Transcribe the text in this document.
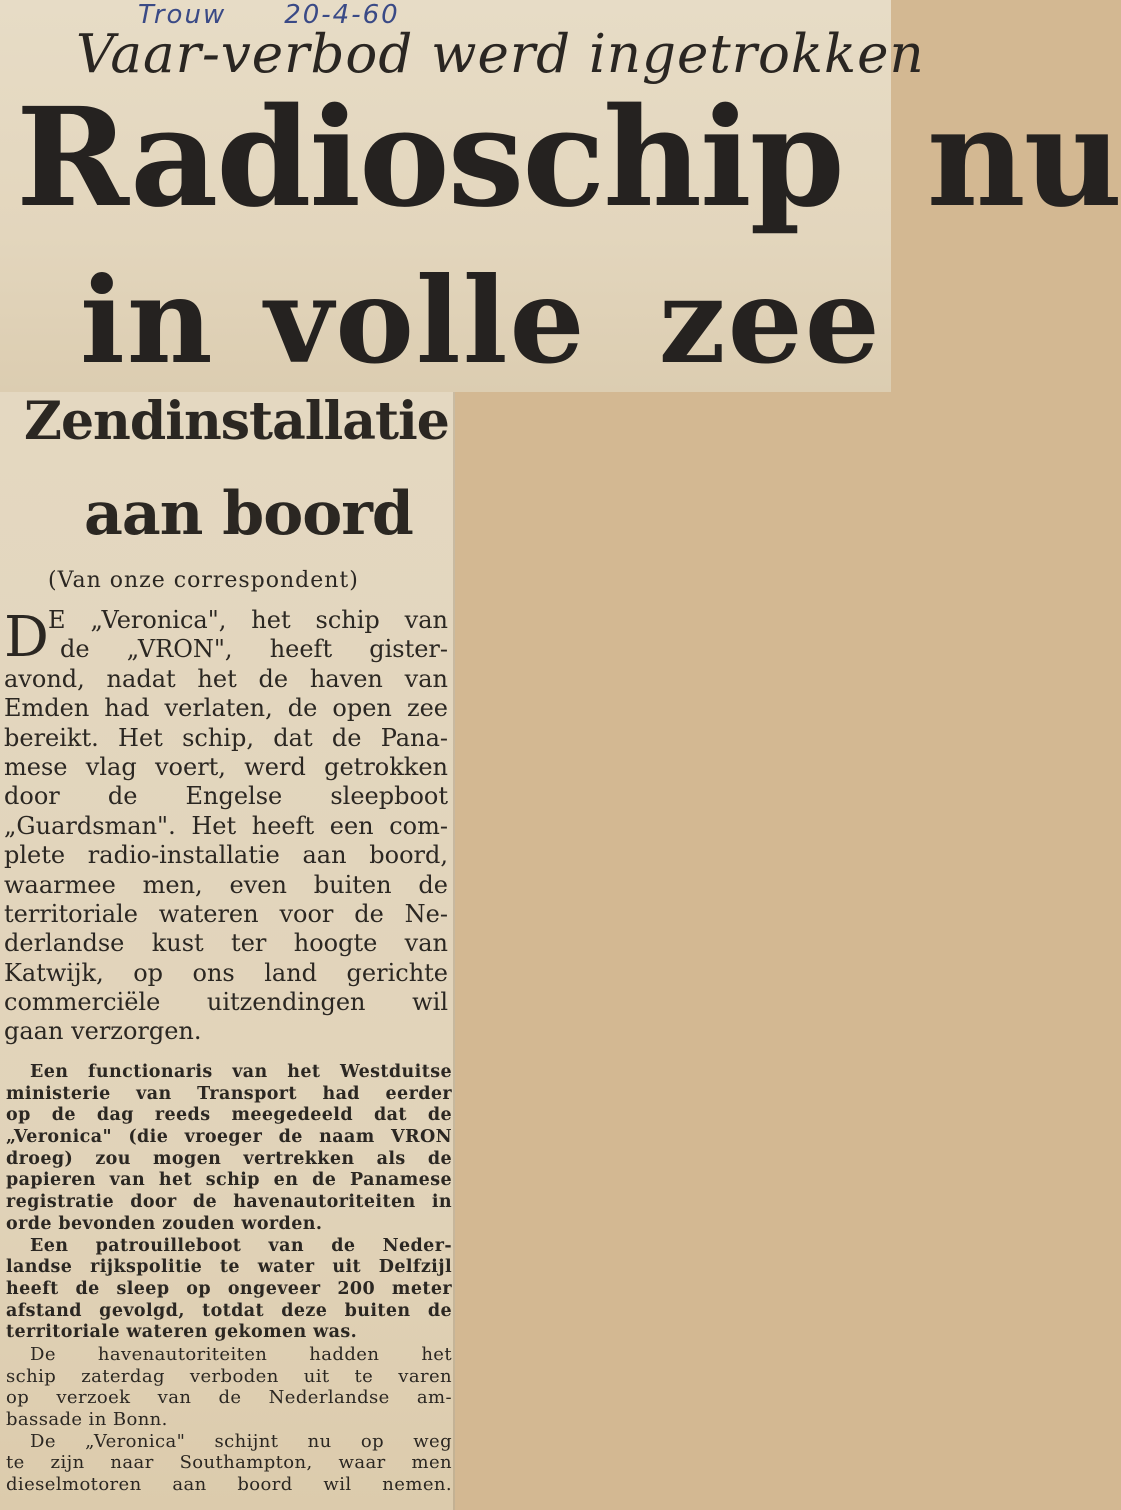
Trouw 20-4-60
Vaar-verbod werd ingetrokken
Radioschip nu
in volle zee
Zendinstallatie
aan boord
(Van onze correspondent)
D E „Veronica", het schip van
de „VRON", heeft gister-
avond, nadat het de haven van
Emden had verlaten, de open zee
bereikt. Het schip, dat de Pana-
mese vlag voert, werd getrokken
door de Engelse sleepboot
„Guardsman". Het heeft een com-
plete radio-installatie aan boord,
waarmee men, even buiten de
territoriale wateren voor de Ne-
derlandse kust ter hoogte van
Katwijk, op ons land gerichte
commerciële uitzendingen wil
gaan verzorgen.
Een functionaris van het Westduitse
ministerie van Transport had eerder
op de dag reeds meegedeeld dat de
„Veronica" (die vroeger de naam VRON
droeg) zou mogen vertrekken als de
papieren van het schip en de Panamese
registratie door de havenautoriteiten in
orde bevonden zouden worden.
Een patrouilleboot van de Neder-
landse rijkspolitie te water uit Delfzijl
heeft de sleep op ongeveer 200 meter
afstand gevolgd, totdat deze buiten de
territoriale wateren gekomen was.
De havenautoriteiten hadden het
schip zaterdag verboden uit te varen
op verzoek van de Nederlandse am-
bassade in Bonn.
De „Veronica" schijnt nu op weg
te zijn naar Southampton, waar men
dieselmotoren aan boord wil nemen.
